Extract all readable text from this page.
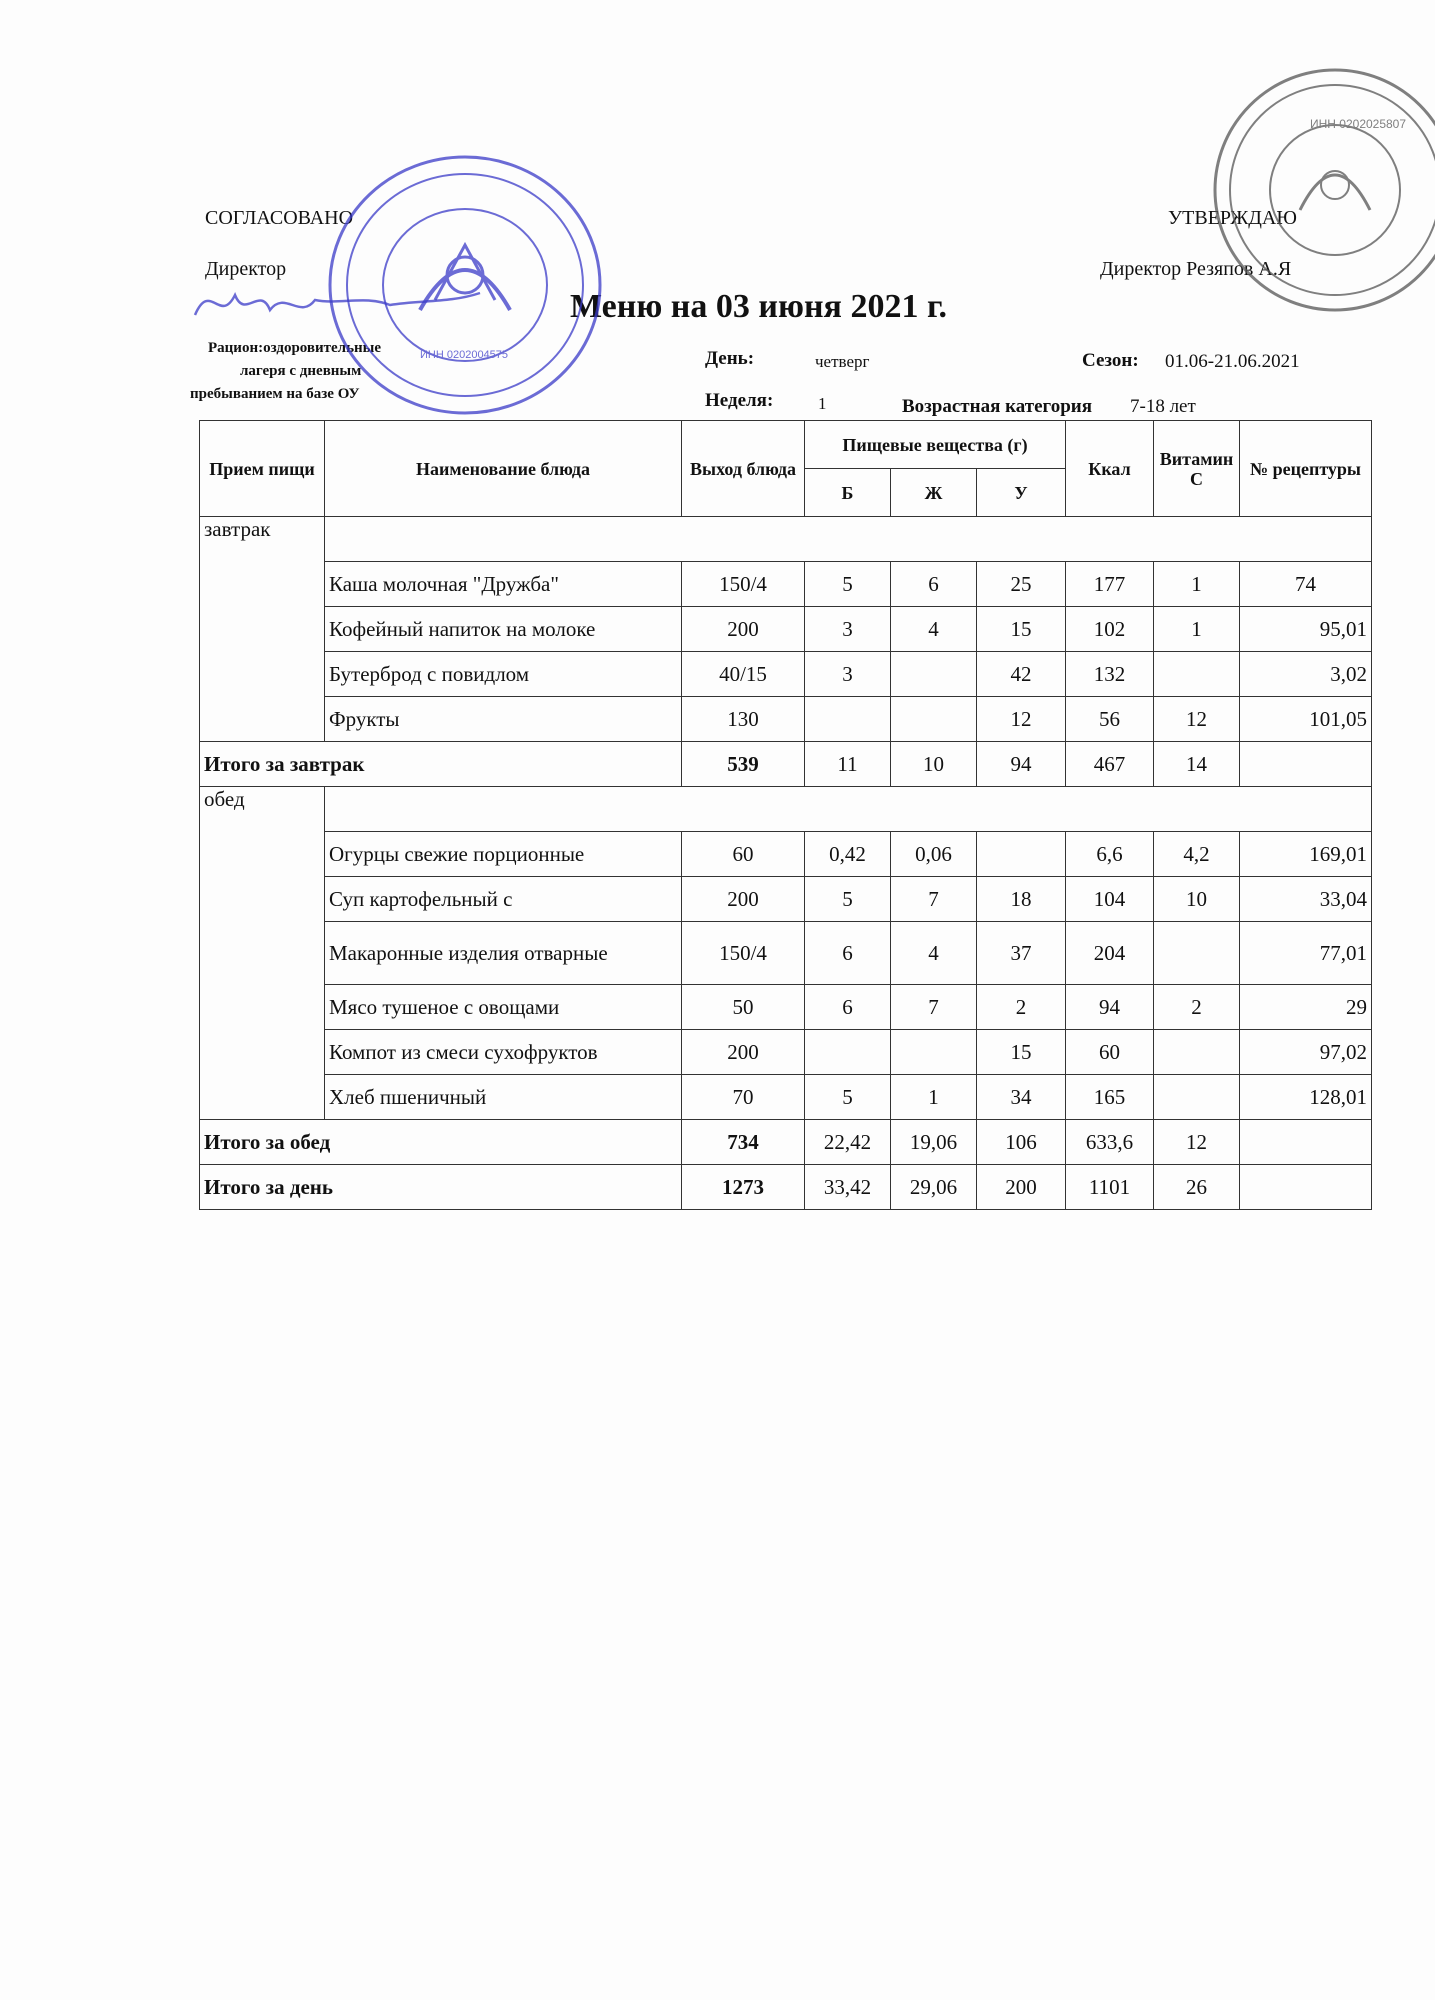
СОГЛАСОВАНО
Директор
УТВЕРЖДАЮ
Директор Резяпов А.Я
Меню на 03 июня 2021 г.
Рацион:оздоровительные
лагеря с дневным
пребыванием на базе ОУ
День:	четверг
Неделя:	1
Сезон: 01.06-21.06.2021
Возрастная категория 7-18 лет
Прием пищи	Наименование блюда	Выход блюда	Пищевые вещества (г)			Ккал	Витамин С	№ рецептуры
			Б	Ж	У			
завтрак								
	Каша молочная "Дружба"	150/4	5	6	25	177	1	74
	Кофейный напиток на молоке	200	3	4	15	102	1	95,01
	Бутерброд с повидлом	40/15	3		42	132		3,02
	Фрукты	130			12	56	12	101,05
Итого за завтрак		539	11	10	94	467	14	
обед								
	Огурцы свежие порционные	60	0,42	0,06		6,6	4,2	169,01
	Суп картофельный с	200	5	7	18	104	10	33,04
	Макаронные изделия отварные	150/4	6	4	37	204		77,01
	Мясо тушеное с овощами	50	6	7	2	94	2	29
	Компот из смеси сухофруктов	200			15	60		97,02
	Хлеб пшеничный	70	5	1	34	165		128,01
Итого за обед		734	22,42	19,06	106	633,6	12	
Итого за день		1273	33,42	29,06	200	1101	26	
ИНН 0202004575
ИНН 0202025807
